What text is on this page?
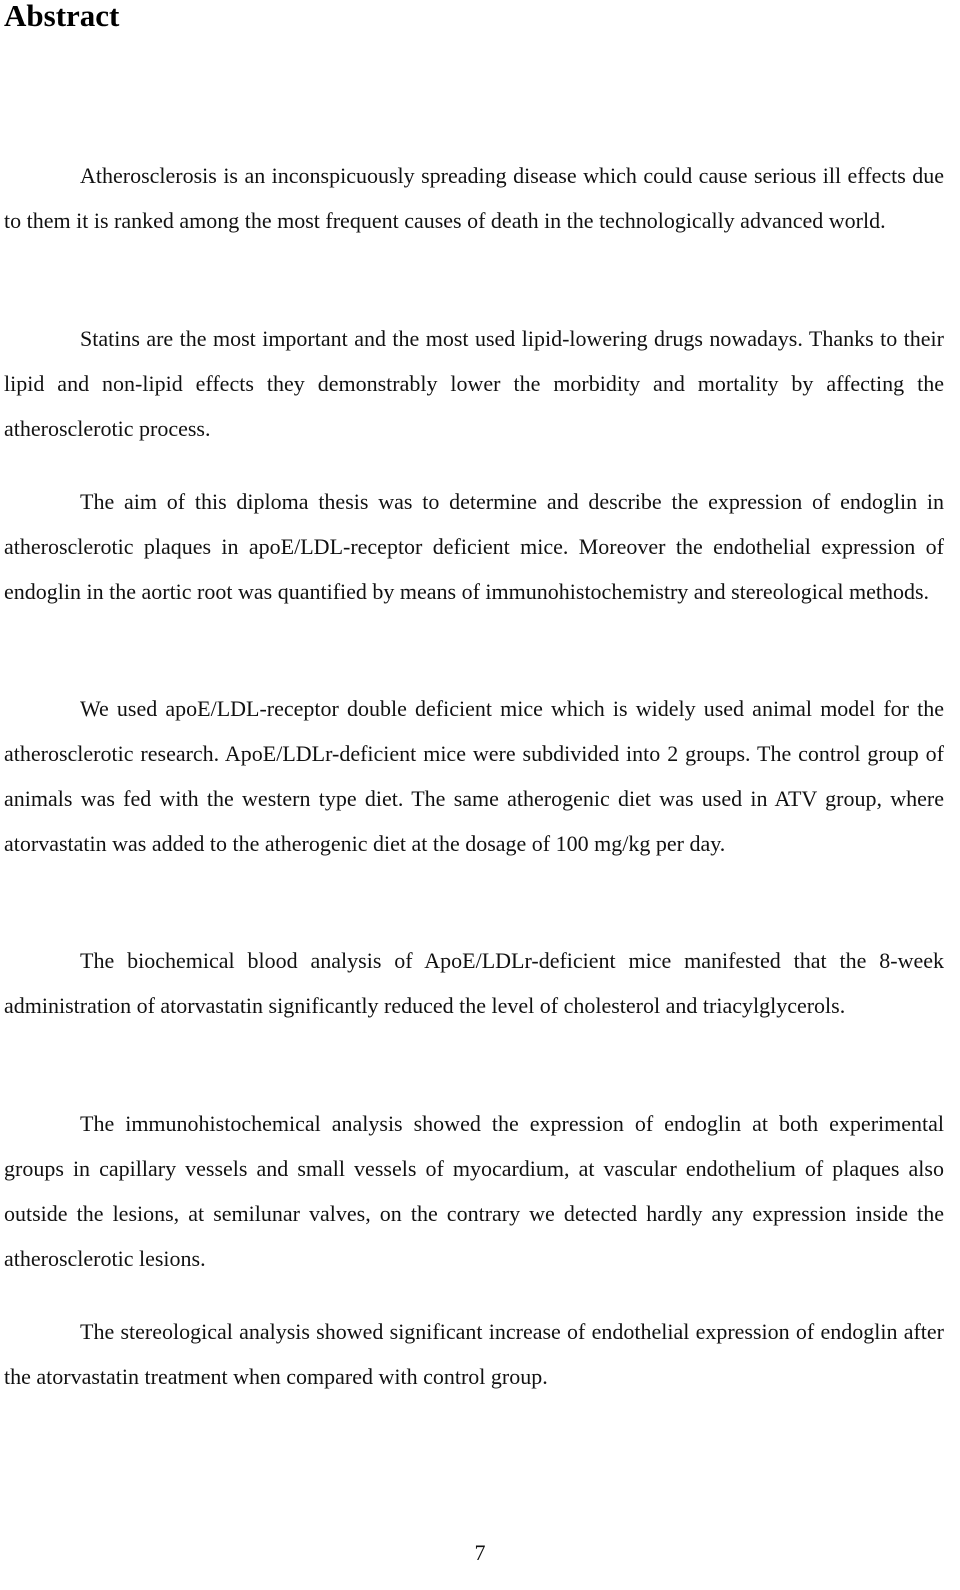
Abstract

Atherosclerosis is an inconspicuously spreading disease which could cause serious ill effects due to them it is ranked among the most frequent causes of death in the technologically advanced world.

Statins are the most important and the most used lipid-lowering drugs nowadays. Thanks to their lipid and non-lipid effects they demonstrably lower the morbidity and mortality by affecting the atherosclerotic process.

The aim of this diploma thesis was to determine and describe the expression of endoglin in atherosclerotic plaques in apoE/LDL-receptor deficient mice. Moreover the endothelial expression of endoglin in the aortic root was quantified by means of immunohistochemistry and stereological methods.

We used apoE/LDL-receptor double deficient mice which is widely used animal model for the atherosclerotic research. ApoE/LDLr-deficient mice were subdivided into 2 groups. The control group of animals was fed with the western type diet. The same atherogenic diet was used in ATV group, where atorvastatin was added to the atherogenic diet at the dosage of 100 mg/kg per day.

The biochemical blood analysis of ApoE/LDLr-deficient mice manifested that the 8-week administration of atorvastatin significantly reduced the level of cholesterol and triacylglycerols.

The immunohistochemical analysis showed the expression of endoglin at both experimental groups in capillary vessels and small vessels of myocardium, at vascular endothelium of plaques also outside the lesions, at semilunar valves, on the contrary we detected hardly any expression inside the atherosclerotic lesions.

The stereological analysis showed significant increase of endothelial expression of endoglin after the atorvastatin treatment when compared with control group.

7
